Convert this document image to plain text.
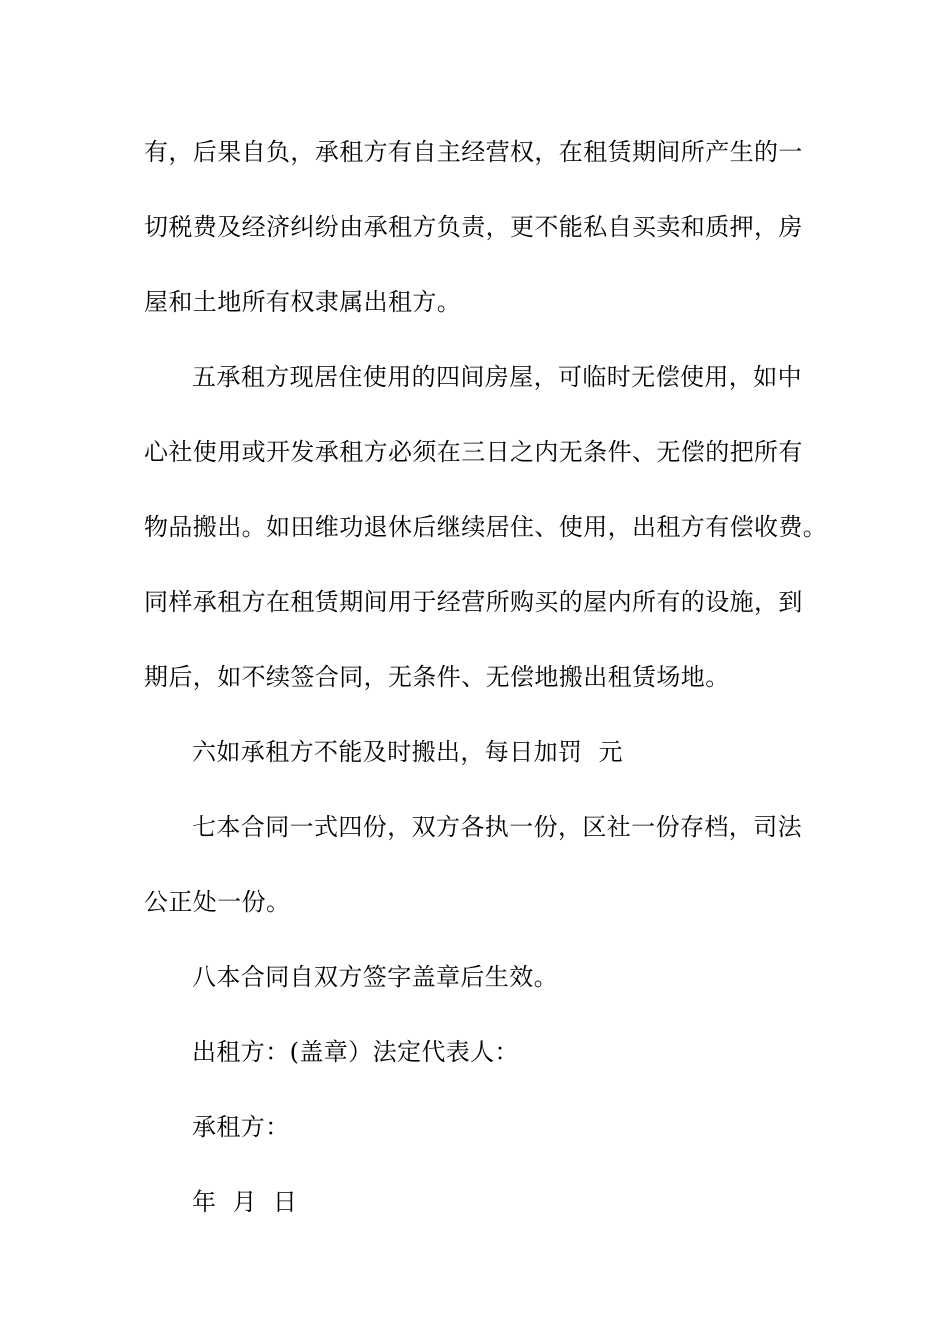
有，后果自负，承租方有自主经营权，在租赁期间所产生的一
切税费及经济纠纷由承租方负责，更不能私自买卖和质押，房
屋和土地所有权隶属出租方。
五承租方现居住使用的四间房屋，可临时无偿使用，如中
心社使用或开发承租方必须在三日之内无条件、无偿的把所有
物品搬出。如田维功退休后继续居住、使用，出租方有偿收费。
同样承租方在租赁期间用于经营所购买的屋内所有的设施，到
期后，如不续签合同，无条件、无偿地搬出租赁场地。
六如承租方不能及时搬出，每日加罚  元
七本合同一式四份，双方各执一份，区社一份存档，司法
公正处一份。
八本合同自双方签字盖章后生效。
出租方：(盖章）法定代表人：
承租方：
年  月  日
